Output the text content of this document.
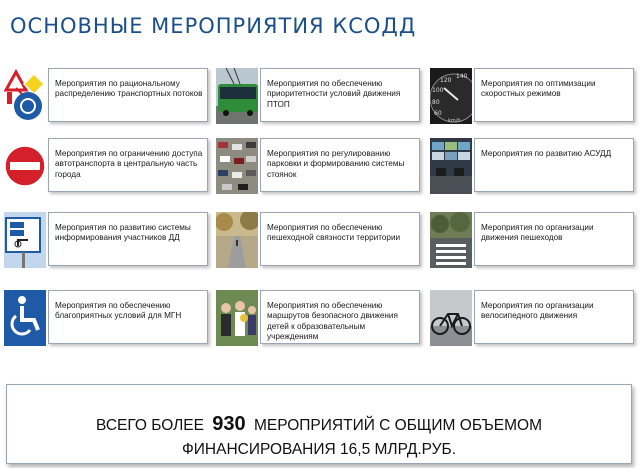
ОСНОВНЫЕ МЕРОПРИЯТИЯ КСОДД
Мероприятия по рациональному распределению транспортных потоков
Мероприятия по обеспечению приоритетности условий движения ПТОП
120
140
100
80
60
km/h
Мероприятия по оптимизации скоростных режимов
Мероприятия по ограничению доступа автотранспорта в центральную часть города
Мероприятия по регулированию парковки и формированию системы стоянок
Мероприятия по развитию АСУДД
Мероприятия по развитию системы информирования участников ДД
Мероприятия по обеспечению пешеходной связности территории
Мероприятия по организации движения пешеходов
Мероприятия по обеспечению благоприятных условий для МГН
Мероприятия по обеспечению маршрутов безопасного движения детей к образовательным учреждениям
Мероприятия по организации велосипедного движения
ВСЕГО БОЛЕЕ 930 МЕРОПРИЯТИЙ С ОБЩИМ ОБЪЕМОМ
ФИНАНСИРОВАНИЯ 16,5 МЛРД.РУБ.
